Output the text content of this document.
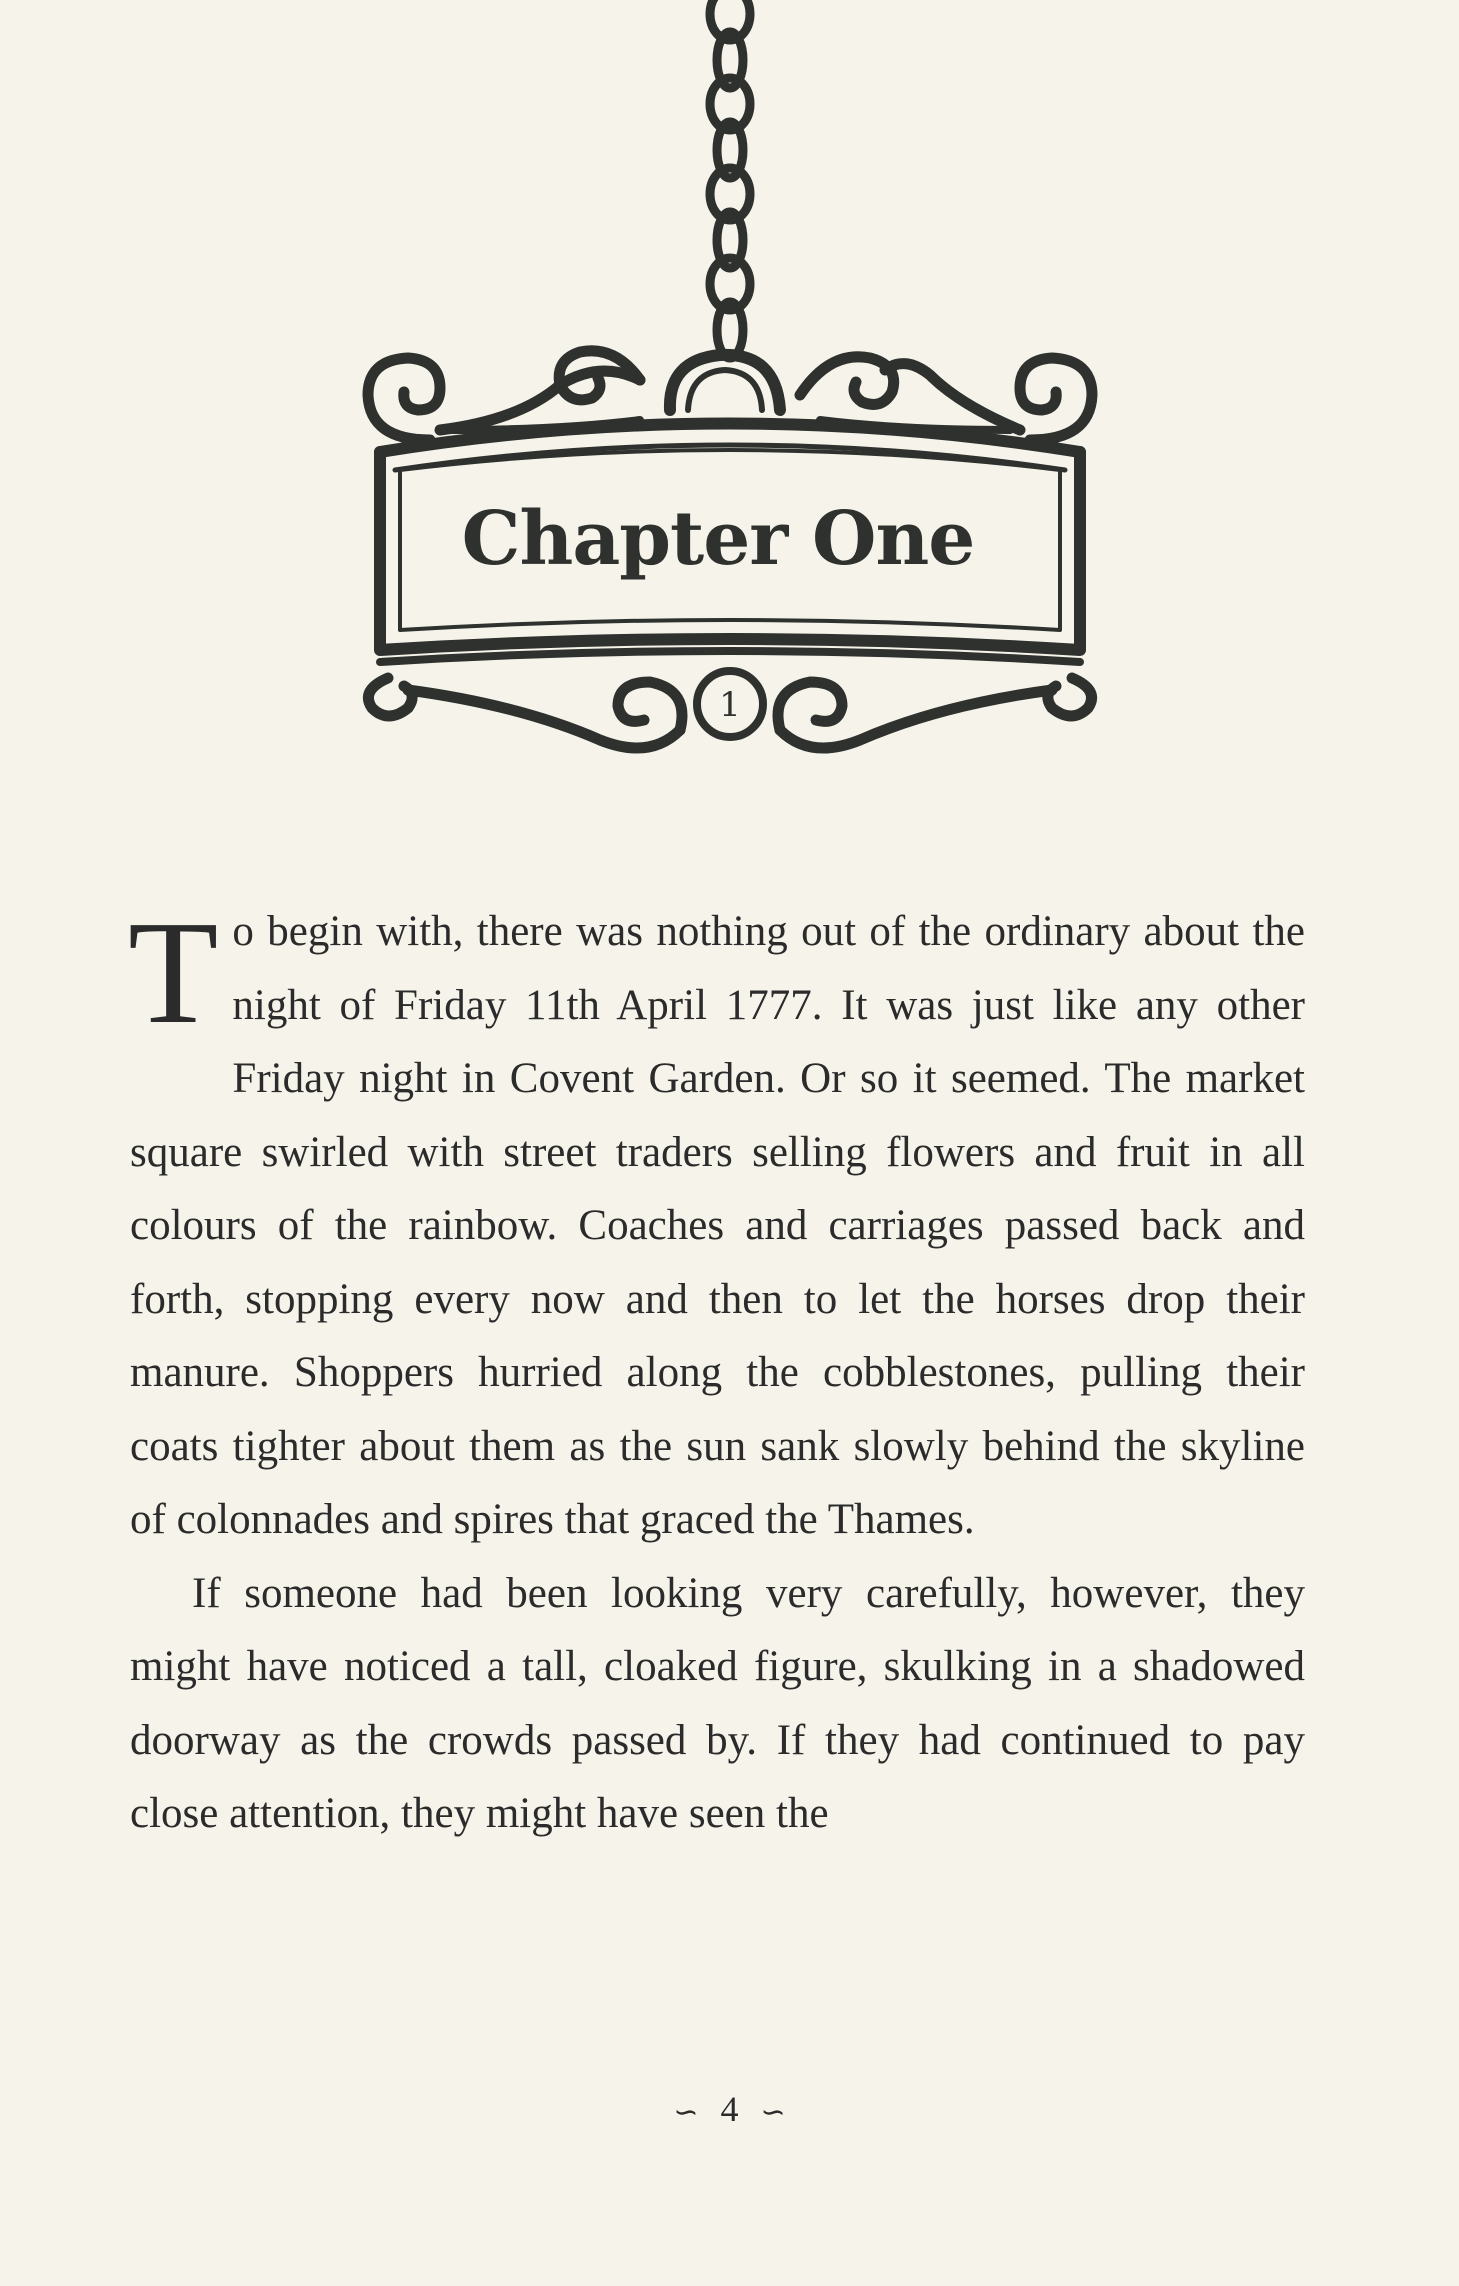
Chapter One
1

To begin with, there was nothing out of the ordinary about the night of Friday 11th April 1777. It was just like any other Friday night in Covent Garden. Or so it seemed. The market square swirled with street traders selling flowers and fruit in all colours of the rainbow. Coaches and carriages passed back and forth, stopping every now and then to let the horses drop their manure. Shoppers hurried along the cobblestones, pulling their coats tighter about them as the sun sank slowly behind the skyline of colonnades and spires that graced the Thames.

If someone had been looking very carefully, however, they might have noticed a tall, cloaked figure, skulking in a shadowed doorway as the crowds passed by. If they had continued to pay close attention, they might have seen the

∽ 4 ∽
